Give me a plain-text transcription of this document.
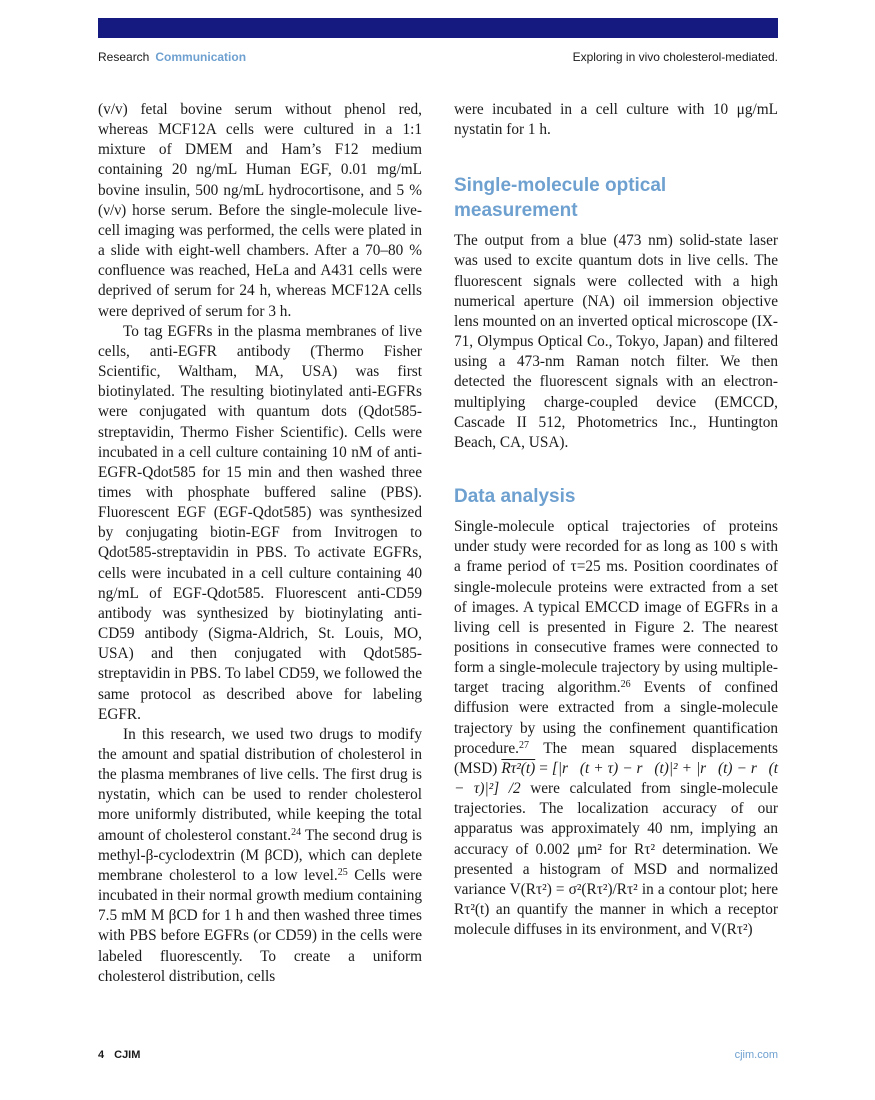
Research Communication	Exploring in vivo cholesterol-mediated.

(v/v) fetal bovine serum without phenol red, whereas MCF12A cells were cultured in a 1:1 mixture of DMEM and Ham’s F12 medium containing 20 ng/mL Human EGF, 0.01 mg/mL bovine insulin, 500 ng/mL hydrocortisone, and 5 %(ν/ν) horse serum. Before the single-molecule live-cell imaging was performed, the cells were plated in a slide with eight-well chambers. After a 70–80 % confluence was reached, HeLa and A431 cells were deprived of serum for 24 h, whereas MCF12A cells were deprived of serum for 3 h.

To tag EGFRs in the plasma membranes of live cells, anti-EGFR antibody (Thermo Fisher Scientific, Waltham, MA, USA) was first biotinylated. The resulting biotinylated anti-EGFRs were conjugated with quantum dots (Qdot585-streptavidin, Thermo Fisher Scientific). Cells were incubated in a cell culture containing 10 nM of anti-EGFR-Qdot585 for 15 min and then washed three times with phosphate buffered saline (PBS). Fluorescent EGF (EGF-Qdot585) was synthesized by conjugating biotin-EGF from Invitrogen to Qdot585-streptavidin in PBS. To activate EGFRs, cells were incubated in a cell culture containing 40 ng/mL of EGF-Qdot585. Fluorescent anti-CD59 antibody was synthesized by biotinylating anti-CD59 antibody (Sigma-Aldrich, St. Louis, MO, USA) and then conjugated with Qdot585-streptavidin in PBS. To label CD59, we followed the same protocol as described above for labeling EGFR.

In this research, we used two drugs to modify the amount and spatial distribution of cholesterol in the plasma membranes of live cells. The first drug is nystatin, which can be used to render cholesterol more uniformly distributed, while keeping the total amount of cholesterol constant.$^{24}$ The second drug is methyl-β-cyclodextrin (M βCD), which can deplete membrane cholesterol to a low level.$^{25}$ Cells were incubated in their normal growth medium containing 7.5 mM M βCD for 1 h and then washed three times with PBS before EGFRs (or CD59) in the cells were labeled fluorescently. To create a uniform cholesterol distribution, cells

were incubated in a cell culture with 10 μg/mL nystatin for 1 h.

Single-molecule optical measurement

The output from a blue (473 nm) solid-state laser was used to excite quantum dots in live cells. The fluorescent signals were collected with a high numerical aperture (NA) oil immersion objective lens mounted on an inverted optical microscope (IX-71, Olympus Optical Co., Tokyo, Japan) and filtered using a 473-nm Raman notch filter. We then detected the fluorescent signals with an electron-multiplying charge-coupled device (EMCCD, Cascade II 512, Photometrics Inc., Huntington Beach, CA, USA).

Data analysis

Single-molecule optical trajectories of proteins under study were recorded for as long as 100 s with a frame period of τ=25 ms. Position coordinates of single-molecule proteins were extracted from a set of images. A typical EMCCD image of EGFRs in a living cell is presented in Figure 2. The nearest positions in consecutive frames were connected to form a single-molecule trajectory by using multiple-target tracing algorithm.$^{26}$ Events of confined diffusion were extracted from a single-molecule trajectory by using the confinement quantification procedure.$^{27}$ The mean squared displacements (MSD) Rτ²(t) = [|r⃗(t + τ) − r⃗(t)|² + |r⃗(t) − r⃗(t − τ)|²] /2 were calculated from single-molecule trajectories. The localization accuracy of our apparatus was approximately 40 nm, implying an accuracy of 0.002 μm² for Rτ² determination. We presented a histogram of MSD and normalized variance V(Rτ²) = σ²(Rτ²)/Rτ² in a contour plot; here Rτ²(t) an quantify the manner in which a receptor molecule diffuses in its environment, and V(Rτ²)

4 CJIM	cjim.com
